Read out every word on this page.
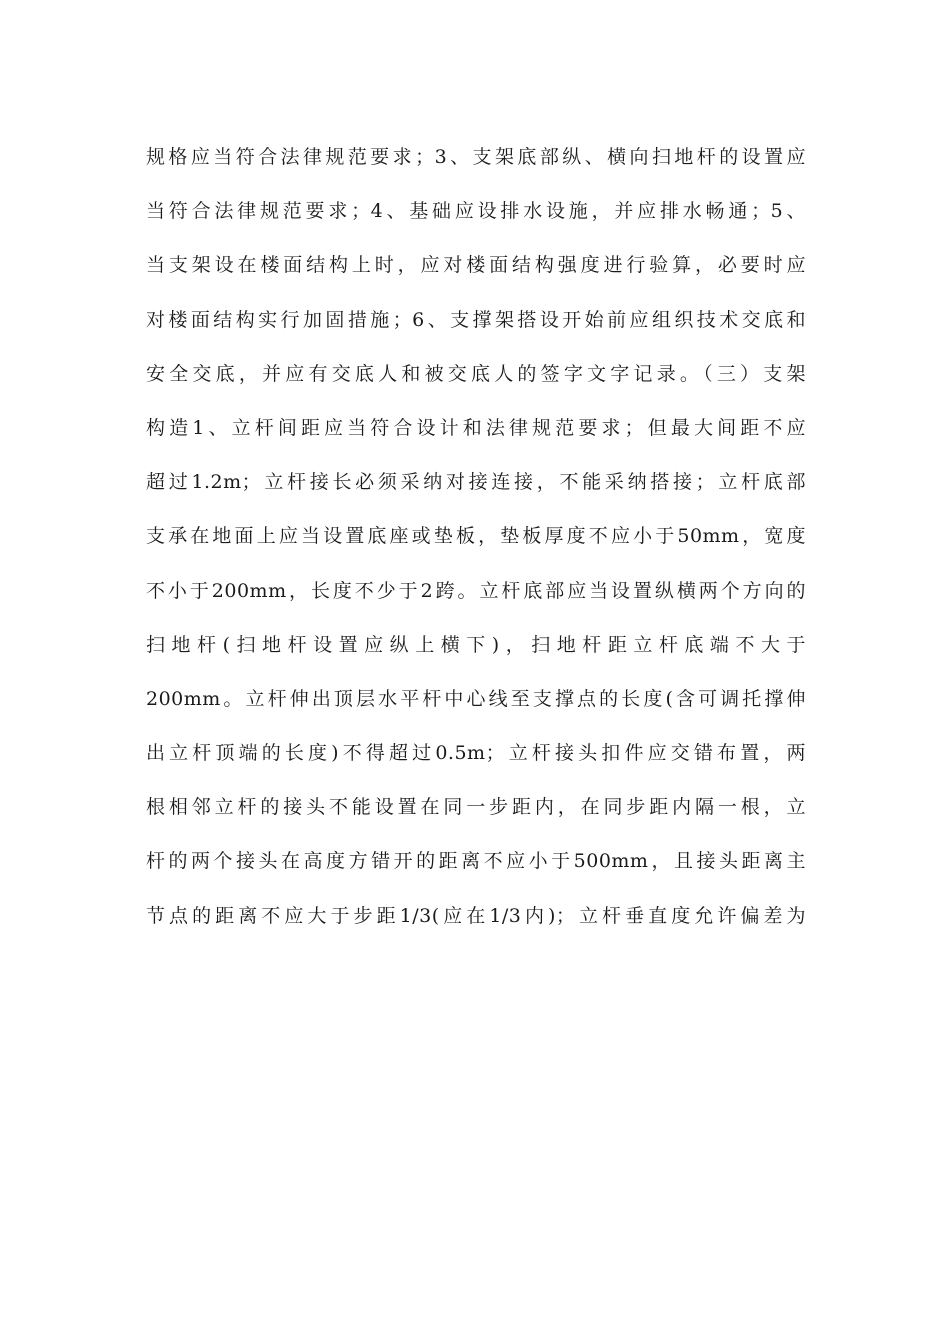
规格应当符合法律规范要求；3、支架底部纵、横向扫地杆的设置应
当符合法律规范要求；4、基础应设排水设施，并应排水畅通；5、
当支架设在楼面结构上时，应对楼面结构强度进行验算，必要时应
对楼面结构实行加固措施；6、支撑架搭设开始前应组织技术交底和
安全交底，并应有交底人和被交底人的签字文字记录。（三）支架
构造1、立杆间距应当符合设计和法律规范要求；但最大间距不应
超过1.2m；立杆接长必须采纳对接连接，不能采纳搭接；立杆底部
支承在地面上应当设置底座或垫板，垫板厚度不应小于50mm，宽度
不小于200mm，长度不少于2跨。立杆底部应当设置纵横两个方向的
扫地杆(扫地杆设置应纵上横下)，扫地杆距立杆底端不大于
200mm。立杆伸出顶层水平杆中心线至支撑点的长度(含可调托撑伸
出立杆顶端的长度)不得超过0.5m；立杆接头扣件应交错布置，两
根相邻立杆的接头不能设置在同一步距内，在同步距内隔一根，立
杆的两个接头在高度方错开的距离不应小于500mm，且接头距离主
节点的距离不应大于步距1/3(应在1/3内)；立杆垂直度允许偏差为
